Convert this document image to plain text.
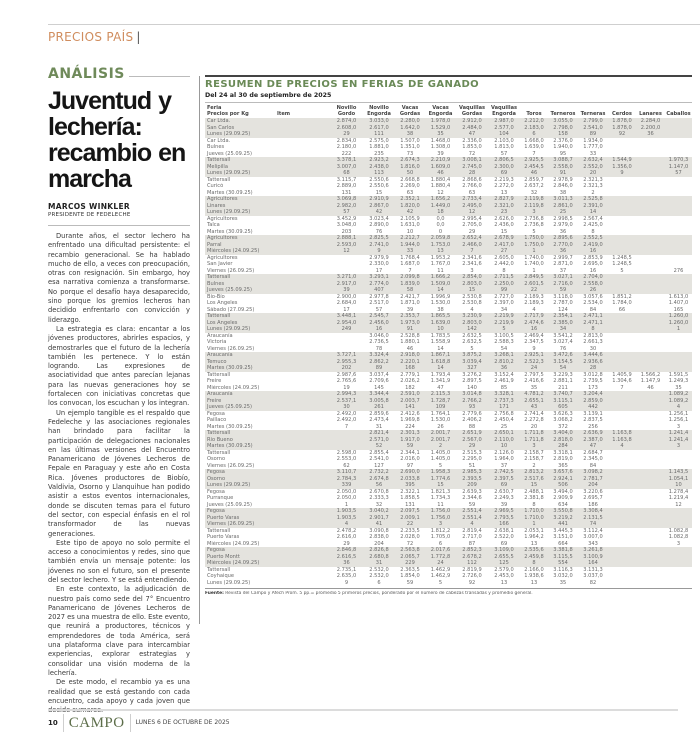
PRECIOS PAÍS |
ANÁLISIS
Juventud y lechería: recambio en marcha
MARCOS WINKLER
PRESIDENTE DE FEDELECHE

Durante años, el sector lechero ha enfrentado una dificultad persistente: el recambio generacional. Se ha hablado mucho de ello, a veces con preocupación, otras con resignación. Sin embargo, hoy esa narrativa comienza a transformarse. No porque el desafío haya desaparecido, sino porque los gremios lecheros han decidido enfrentarlo con convicción y liderazgo.

La estrategia es clara: encantar a los jóvenes productores, abrirles espacios, y demostrarles que el futuro de la lechería también les pertenece. Y lo están logrando. Las expresiones de asociatividad que antes parecían lejanas para las nuevas generaciones hoy se fortalecen con iniciativas concretas que los convocan, los escuchan y los integran.

Un ejemplo tangible es el respaldo que Fedeleche y las asociaciones regionales han brindado para facilitar la participación de delegaciones nacionales en las últimas versiones del Encuentro Panamericano de Jóvenes Lecheros de Fepale en Paraguay y este año en Costa Rica. Jóvenes productores de Biobío, Valdivia, Osorno y Llanquihue han podido asistir a estos eventos internacionales, donde se discuten temas para el futuro del sector, con especial énfasis en el rol transformador de las nuevas generaciones.

Este tipo de apoyo no solo permite el acceso a conocimientos y redes, sino que también envía un mensaje potente: los jóvenes no son el futuro, son el presente del sector lechero. Y se está entendiendo.

En este contexto, la adjudicación de nuestro país como sede del 7° Encuentro Panamericano de Jóvenes Lecheros de 2027 es una muestra de ello. Este evento, que reunirá a productores, técnicos y emprendedores de toda América, será una plataforma clave para intercambiar experiencias, explorar estrategias y consolidar una visión moderna de la lechería.

De este modo, el recambio ya es una realidad que se está gestando con cada encuentro, cada apoyo y cada joven que

RESUMEN DE PRECIOS EN FERIAS DE GANADO
Del 24 al 30 de septiembre de 2025
Feria
Precios por Kg	Item	Novillo
Gordo	Novillo
Engorda	Vacas
Gordas	Vacas
Engorda	Vaquillas
Gordas	Vaquillas
Engorda	Toros	Terneros	Terneras	Cerdos	Lanares	Caballos
Car Ltda.		2.874,0	3.033,0	2.280,0	1.978,0	2.912,0	2.987,0	2.212,0	3.055,0	2.799,0	1.878,0	2.284,0	
San Carlos		2.608,0	2.617,0	1.642,0	1.529,0	2.484,0	2.577,0	2.183,0	2.798,0	2.541,0	1.878,0	2.200,0	
Lunes (29.09.25)		29	111	38	35	47	104	6	158	89	92	36	
Car Ltda.		2.834,0	2.575,0	1.507,0	1.468,0	2.336,0	2.103,0	1.668,0	2.376,0	1.934,0			
Bulnes		2.180,0	1.881,0	1.351,0	1.308,0	1.853,0	1.813,0	1.639,0	1.940,0	1.777,0			
Jueves (25.09.25)		222	235	73	39	72	57	7	95	33			
Tattersall		3.378,1	2.923,2	2.674,3	2.210,9	3.008,1	2.806,5	2.925,5	3.088,7	2.632,4	1.544,9		1.970,3
Melipilla		3.007,0	2.438,0	1.816,0	1.609,0	2.745,0	2.300,0	2.454,5	2.558,0	2.552,0	1.356,0		1.147,0
Lunes (29.09.25)		68	113	50	46	28	69	46	91	20	9		57
Tattersall		3.115,7	2.550,6	2.668,8	1.880,4	2.868,6	2.219,3	2.859,7	2.978,9	2.321,3			
Curicó		2.889,0	2.550,6	2.269,0	1.880,4	2.766,0	2.272,0	2.637,2	2.846,0	2.321,3			
Martes (30.09.25)		131	15	63	12	63	13	32	38	2			
Agricultores		3.069,8	2.910,9	2.352,1	1.656,2	2.733,4	2.827,9	2.119,8	3.011,3	2.525,8			
Linares		2.982,0	2.867,0	1.820,0	1.449,0	2.495,0	2.321,0	2.119,8	2.861,0	2.391,0			
Lunes (29.09.25)		57	42	42	18	12	23	3	25	14			
Agricultores		3.452,9	3.023,4	2.105,9	0,0	2.995,4	2.626,0	2.736,8	2.998,5	2.567,4			
Talca		3.048,0	2.890,0	1.631,0	0,0	2.705,0	2.436,0	2.736,8	2.979,0	2.425,0			
Martes (30.09.25)		203	76	10	0	29	15	5	36	8			
Agricultores		2.888,1	2.825,5	2.212,7	2.059,8	2.652,4	2.678,9	1.750,0	2.895,6	2.552,5			
Parral		2.593,0	2.741,0	1.944,0	1.753,0	2.466,0	2.417,0	1.750,0	2.770,0	2.419,0			
Miércoles (24.09.25)		12	9	33	13	7	27	1	36	16			
Agricultores			2.979,9	1.768,4	1.953,2	2.341,6	2.605,0	1.740,0	2.999,7	2.853,9	1.248,5		
San Javier			2.330,0	1.687,0	1.767,0	2.341,6	2.442,0	1.740,0	2.871,0	2.695,0	1.248,5		
Viernes (26.09.25)			17	7	11	3	8	1	37	16	5		276
Tattersall		3.271,0	3.293,1	2.099,8	1.666,2	2.854,0	2.711,5	2.849,5	3.027,1	2.704,0			
Bulnes		2.917,0	2.774,0	1.839,0	1.509,0	2.803,0	2.250,0	2.601,5	2.716,0	2.558,0			
Jueves (25.09.25)		39	407	58	14	15	99	22	59	26			
Bío-Bío		2.900,0	2.977,8	2.421,7	1.996,9	2.530,8	2.727,0	2.189,3	3.118,0	3.057,6	1.851,2		1.613,0
Los Ángeles		2.684,0	2.517,0	1.871,0	1.530,0	2.530,8	2.397,0	2.189,3	2.787,0	2.534,0	1.784,0		1.407,0
Sábado (27.09.25)		17	57	39	38	4	34	4	124	84	66		165
Tattersall		3.448,1	2.545,7	2.353,7	1.865,5	3.230,9	2.219,9	2.717,9	2.354,1	2.471,1			1.260,0
Los Ángeles		2.954,0	2.456,0	1.973,0	1.639,0	2.803,0	2.219,9	2.474,6	2.385,0	2.471,1			1.260,0
Lunes (29.09.25)		249	16	91	10	142	5	16	34	8			1
Araucanía			3.046,0	2.528,8	1.783,5	2.632,5	3.100,5	2.469,4	3.541,2	2.813,0			
Victoria			2.736,5	1.880,1	1.558,9	2.632,5	2.588,3	2.347,5	3.027,4	2.661,3			
Viernes (26.09.25)			78	46	14	5	54	9	76	30			
Araucanía		3.727,1	3.324,4	2.918,0	1.867,1	3.875,2	3.268,1	2.925,1	3.472,6	3.444,6			
Temuco		2.955,3	2.862,2	2.220,1	1.618,8	3.039,4	2.810,2	2.522,3	3.154,5	2.936,6			
Martes (30.09.25)		202	89	168	14	327	36	24	54	28			
Tattersall		2.987,6	3.037,4	2.779,1	1.793,4	3.276,2	3.152,4	2.797,5	3.229,3	3.012,8	1.405,9	1.566,2	1.591,5
Freire		2.765,6	2.709,6	2.026,2	1.341,9	2.897,5	2.461,9	2.416,6	2.881,1	2.739,5	1.304,6	1.147,9	1.249,3
Miércoles (24.09.25)		19	145	182	47	140	85	35	211	173	7	46	35
Araucanía		2.994,3	3.344,4	2.591,0	2.115,3	3.014,8	3.328,1	4.781,2	3.740,7	3.204,4			1.089,2
Freire		2.537,1	3.005,8	2.003,7	1.728,7	2.766,2	2.737,3	2.655,1	3.115,1	2.859,0			1.089,2
Jueves (25.09.25)		30	261	141	109	93	171	43	605	442			4
Fegosa		2.492,0	2.859,6	2.412,6	1.764,1	2.779,6	2.756,8	2.741,4	3.626,3	3.139,1			1.256,1
Paillaco		2.492,0	2.473,4	1.969,8	1.530,0	2.406,2	2.450,4	2.272,8	3.068,2	2.837,5			1.256,1
Martes (30.09.25)		7	31	224	26	88	25	20	372	256			3
Tattersall			2.821,4	2.301,3	2.001,7	2.651,9	2.650,1	1.711,8	3.404,0	2.636,9	1.163,8		1.241,4
Río Bueno			2.571,0	1.917,0	2.001,7	2.567,0	2.110,0	1.711,8	2.818,0	2.387,0	1.163,8		1.241,4
Martes (30.09.25)			52	59	2	29	10	3	284	47	4		3
Tattersall		2.598,0	2.855,4	2.344,1	1.405,0	2.515,3	2.126,0	2.158,7	3.318,1	2.684,7			
Osorno		2.553,0	2.541,0	2.016,0	1.405,0	2.295,0	1.964,0	2.158,7	2.819,0	2.345,0			
Viernes (26.09.25)		62	127	97	5	51	37	2	365	84			
Fegosa		3.110,7	2.732,2	2.690,0	1.958,3	2.985,3	2.742,5	2.813,2	3.657,6	3.098,2			1.143,5
Osorno		2.784,3	2.674,8	2.033,8	1.774,6	2.393,5	2.397,5	2.517,6	2.924,1	2.781,7			1.054,1
Lunes (29.09.25)		339	56	395	15	209	69	15	506	204			10
Fegosa		2.050,0	2.670,8	2.322,1	1.821,3	2.639,3	2.630,7	2.488,1	3.494,0	3.220,6			1.278,4
Purranque		2.050,0	2.333,3	1.858,5	1.734,3	2.344,6	2.249,3	2.381,8	2.909,9	2.695,7			1.219,4
Jueves (25.09.25)		1	32	131	11	59	39	8	634	186			12
Fegosa		1.903,5	3.040,2	2.097,5	1.756,0	2.551,4	2.969,5	1.710,0	3.550,8	3.308,4			
Puerto Varas		1.903,5	2.901,7	2.009,1	1.756,0	2.551,4	2.793,5	1.710,0	3.219,2	2.131,5			
Viernes (26.09.25)		4	41	22	3	4	166	1	441	74			
Tattersall		2.478,2	3.090,8	2.233,5	1.812,2	2.819,4	2.638,1	2.053,1	3.445,3	3.112,4			1.082,8
Puerto Varas		2.616,0	2.838,0	2.028,0	1.705,0	2.717,0	2.522,0	1.964,2	3.151,0	3.007,0			1.082,8
Miércoles (24.09.25)		29	204	72	6	87	69	13	664	343			3
Fegosa		2.846,8	2.826,8	2.563,8	2.017,6	2.852,3	3.109,0	2.535,6	3.381,8	3.261,8			
Puerto Montt		2.616,5	2.680,8	2.065,7	1.772,8	2.678,2	2.655,5	2.459,8	3.115,5	3.100,9			
Miércoles (24.09.25)		36	31	229	24	112	125	8	554	164			
Tattersall		2.735,1	2.532,0	2.363,5	1.462,9	2.819,9	2.579,0	2.166,0	3.116,3	3.131,3			
Coyhaique		2.635,0	2.532,0	1.854,0	1.462,9	2.726,0	2.453,0	1.938,6	3.032,0	3.037,0			
Lunes (29.09.25)		9	6	59	5	92	13	13	35	82			
Fuente: Revista del Campo y Afech Prom. 5 pp.= promedio 5 primeros precios, ponderado por el número de cabezas transadas y promedio general.
10 CAMPO LUNES 6 DE OCTUBRE DE 2025
